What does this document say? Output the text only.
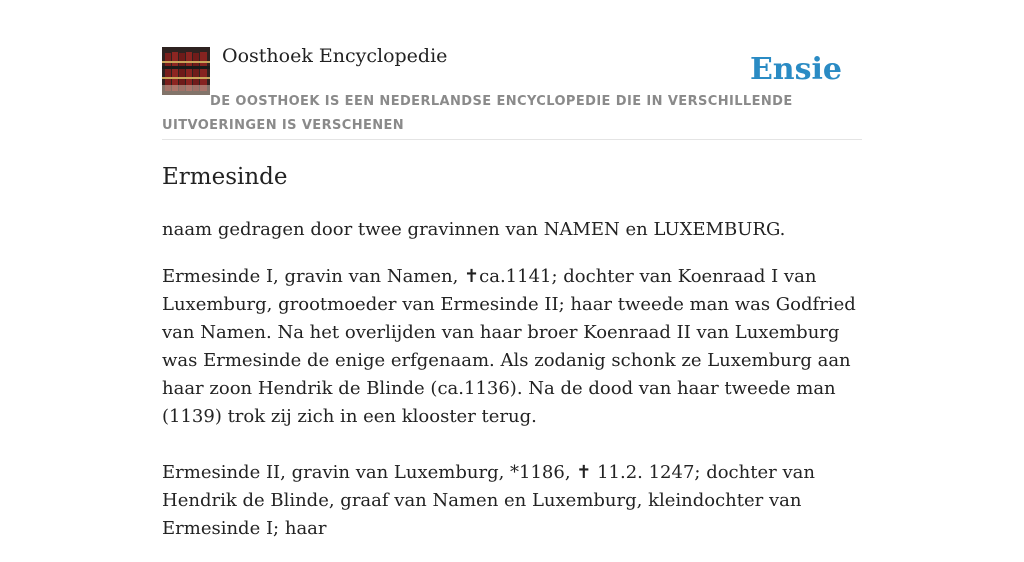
Oosthoek Encyclopedie	Ensie
DE OOSTHOEK IS EEN NEDERLANDSE ENCYCLOPEDIE DIE IN VERSCHILLENDE UITVOERINGEN IS VERSCHENEN
Ermesinde

naam gedragen door twee gravinnen van NAMEN en LUXEMBURG.

Ermesinde I, gravin van Namen, ✝ca.1141; dochter van Koenraad I van Luxemburg, grootmoeder van Ermesinde II; haar tweede man was Godfried van Namen. Na het overlijden van haar broer Koenraad II van Luxemburg was Ermesinde de enige erfgenaam. Als zodanig schonk ze Luxemburg aan haar zoon Hendrik de Blinde (ca.1136). Na de dood van haar tweede man (1139) trok zij zich in een klooster terug.

Ermesinde II, gravin van Luxemburg, *1186, ✝ 11.2. 1247; dochter van Hendrik de Blinde, graaf van Namen en Luxemburg, kleindochter van Ermesinde I; haar
